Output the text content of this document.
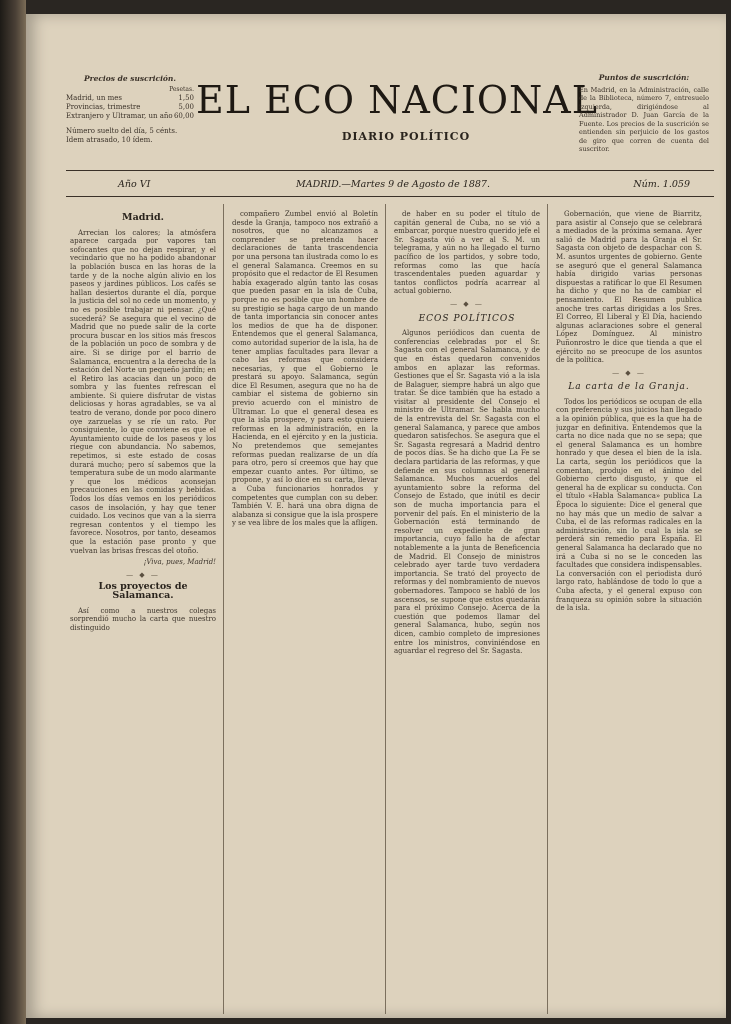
Precios de suscrición.
Pesetas.
Madrid, un mes	1,50
Provincias, trimestre	5,00
Extranjero y Ultramar, un año 60,00
Número suelto del día, 5 cénts. Idem atrasado, 10 ídem.
EL ECO NACIONAL
DIARIO POLÍTICO
Puntos de suscrición:
En Madrid, en la Administración, calle de la Biblioteca, número 7, entresuelo izquierda, dirigiéndose al Administrador D. Juan García de la Fuente. Los precios de la suscrición se entienden sin perjuicio de los gastos de giro que corren de cuenta del suscritor.
Año VI	MADRID.—Martes 9 de Agosto de 1887.	Núm. 1.059
Madrid.

Arrecian los calores; la atmósfera aparece cargada por vapores tan sofocantes que no dejan respirar, y el vecindario que no ha podido abandonar la población busca en las horas de la tarde y de la noche algún alivio en los paseos y jardines públicos. Los cafés se hallan desiertos durante el día, porque la justicia del sol no cede un momento, y no es posible trabajar ni pensar. ¿Qué sucederá? Se asegura que el vecino de Madrid que no puede salir de la corte procura buscar en los sitios más frescos de la población un poco de sombra y de aire. Si se dirige por el barrio de Salamanca, encuentra a la derecha de la estación del Norte un pequeño jardín; en el Retiro las acacias dan un poco de sombra y las fuentes refrescan el ambiente. Si quiere disfrutar de vistas deliciosas y horas agradables, se va al teatro de verano, donde por poco dinero oye zarzuelas y se ríe un rato. Por consiguiente, lo que conviene es que el Ayuntamiento cuide de los paseos y los riegue con abundancia. No sabemos, repetimos, si este estado de cosas durará mucho; pero sí sabemos que la temperatura sube de un modo alarmante y que los médicos aconsejan precauciones en las comidas y bebidas. Todos los días vemos en los periódicos casos de insolación, y hay que tener cuidado. Los vecinos que van a la sierra regresan contentos y el tiempo les favorece. Nosotros, por tanto, deseamos que la estación pase pronto y que vuelvan las brisas frescas del otoño.

¡Viva, pues, Madrid!
— ◆ —
Los proyectos de Salamanca.

Así como a nuestros colegas sorprendió mucho la carta que nuestro distinguido

compañero Zumbel envió al Boletín desde la Granja, tampoco nos extrañó a nosotros, que no alcanzamos a comprender se pretenda hacer declaraciones de tanta trascendencia por una persona tan ilustrada como lo es el general Salamanca. Creemos en su propósito que el redactor de El Resumen había exagerado algún tanto las cosas que pueden pasar en la isla de Cuba, porque no es posible que un hombre de su prestigio se haga cargo de un mando de tanta importancia sin conocer antes los medios de que ha de disponer. Entendemos que el general Salamanca, como autoridad superior de la isla, ha de tener amplias facultades para llevar a cabo las reformas que considera necesarias, y que el Gobierno le prestará su apoyo. Salamanca, según dice El Resumen, asegura que no ha de cambiar el sistema de gobierno sin previo acuerdo con el ministro de Ultramar. Lo que el general desea es que la isla prospere, y para esto quiere reformas en la administración, en la Hacienda, en el ejército y en la justicia. No pretendemos que semejantes reformas puedan realizarse de un día para otro, pero sí creemos que hay que empezar cuanto antes. Por último, se propone, y así lo dice en su carta, llevar a Cuba funcionarios honrados y competentes que cumplan con su deber. También V. E. hará una obra digna de alabanza si consigue que la isla prospere y se vea libre de los males que la afligen.

de haber en su poder el título de capitán general de Cuba, no se vió a embarcar, porque nuestro querido jefe el Sr. Sagasta vió a ver al S. M. un telegrama, y aún no ha llegado el turno pacífico de los partidos, y sobre todo, reformas como las que hacía trascendentales pueden aguardar y tantos conflictos podría acarrear al actual gobierno.

— ◆ —
ECOS POLÍTICOS

Algunos periódicos dan cuenta de conferencias celebradas por el Sr. Sagasta con el general Salamanca, y de que en éstas quedaron convenidos ambos en aplazar las reformas. Gestiones que el Sr. Sagasta vió a la isla de Balaguer, siempre habrá un algo que tratar. Se dice también que ha estado a visitar al presidente del Consejo el ministro de Ultramar. Se habla mucho de la entrevista del Sr. Sagasta con el general Salamanca, y parece que ambos quedaron satisfechos. Se asegura que el Sr. Sagasta regresará a Madrid dentro de pocos días. Se ha dicho que La Fe se declara partidaria de las reformas, y que defiende en sus columnas al general Salamanca. Muchos acuerdos del ayuntamiento sobre la reforma del Consejo de Estado, que inútil es decir son de mucha importancia para el porvenir del país. En el ministerio de la Gobernación está terminando de resolver un expediente de gran importancia, cuyo fallo ha de afectar notablemente a la junta de Beneficencia de Madrid. El Consejo de ministros celebrado ayer tarde tuvo verdadera importancia. Se trató del proyecto de reformas y del nombramiento de nuevos gobernadores. Tampoco se habló de los ascensos, se supone que estos quedarán para el próximo Consejo. Acerca de la cuestión que podemos llamar del general Salamanca, hubo, según nos dicen, cambio completo de impresiones entre los ministros, conviniéndose en aguardar el regreso del Sr. Sagasta.

Gobernación, que viene de Biarritz, para asistir al Consejo que se celebrará a mediados de la próxima semana. Ayer salió de Madrid para la Granja el Sr. Sagasta con objeto de despachar con S. M. asuntos urgentes de gobierno. Gente se aseguró que el general Salamanca había dirigido varias personas dispuestas a ratificar lo que El Resumen ha dicho y que no ha de cambiar el pensamiento. El Resumen publica anoche tres cartas dirigidas a los Sres. El Correo, El Liberal y El Día, haciendo algunas aclaraciones sobre el general López Domínguez. Al ministro Puñonrostro le dice que tienda a que el ejército no se preocupe de los asuntos de la política.

— ◆ —
La carta de la Granja.

Todos los periódicos se ocupan de ella con preferencia y sus juicios han llegado a la opinión pública, que es la que ha de juzgar en definitiva. Entendemos que la carta no dice nada que no se sepa; que el general Salamanca es un hombre honrado y que desea el bien de la isla. La carta, según los periódicos que la comentan, produjo en el ánimo del Gobierno cierto disgusto, y que el general ha de explicar su conducta. Con el título «Habla Salamanca» publica La Época lo siguiente: Dice el general que no hay más que un medio de salvar a Cuba, el de las reformas radicales en la administración, sin lo cual la isla se perderá sin remedio para España. El general Salamanca ha declarado que no irá a Cuba si no se le conceden las facultades que considera indispensables. La conversación con el periodista duró largo rato, hablándose de todo lo que a Cuba afecta, y el general expuso con franqueza su opinión sobre la situación de la isla.
